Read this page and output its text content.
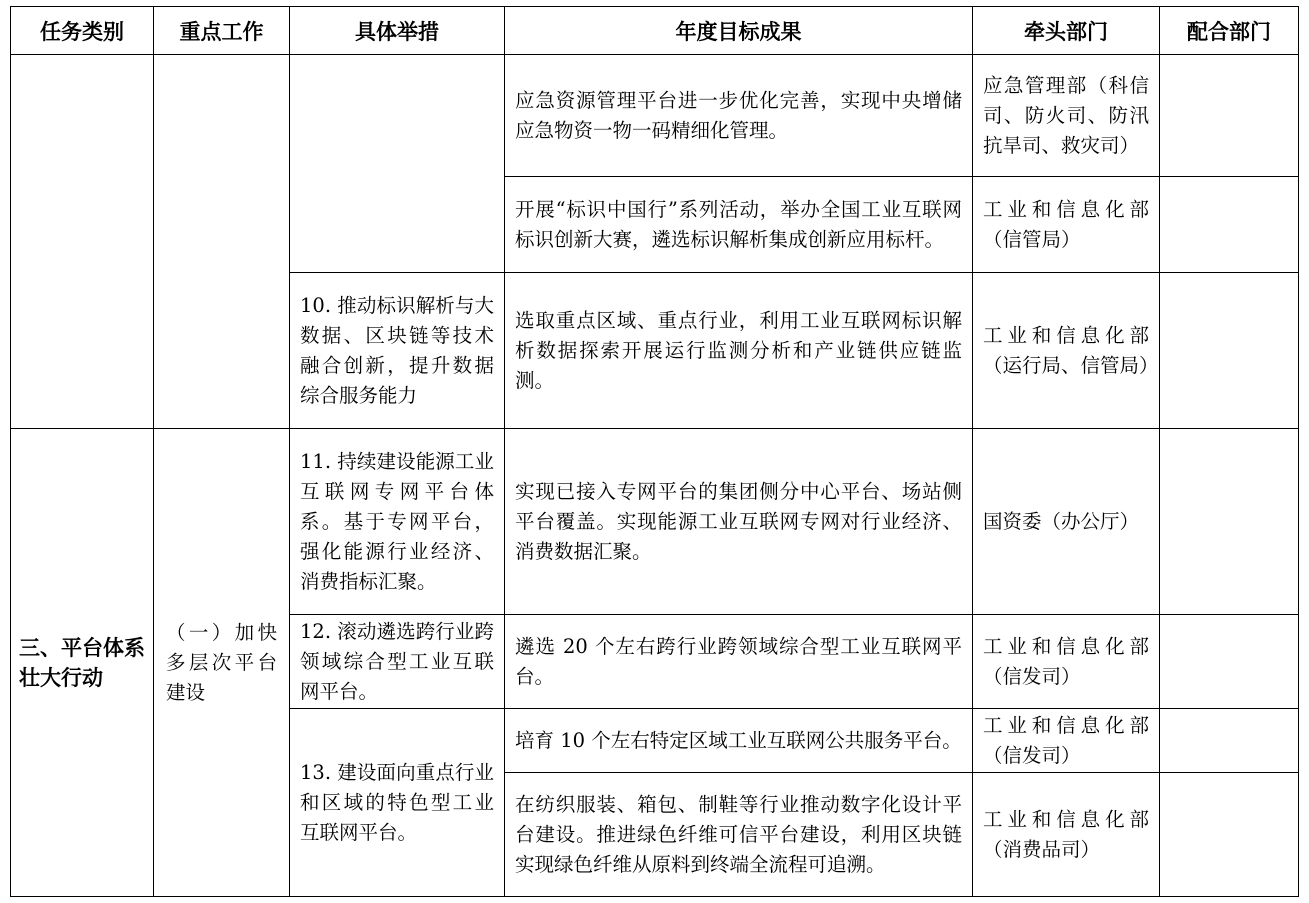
任务类别	重点工作	具体举措	年度目标成果	牵头部门	配合部门
			应急资源管理平台进一步优化完善，实现中央增储应急物资一物一码精细化管理。	应急管理部（科信司、防火司、防汛抗旱司、救灾司）	
			开展“标识中国行”系列活动，举办全国工业互联网标识创新大赛，遴选标识解析集成创新应用标杆。	工业和信息化部（信管局）	
		10. 推动标识解析与大数据、区块链等技术融合创新，提升数据综合服务能力	选取重点区域、重点行业，利用工业互联网标识解析数据探索开展运行监测分析和产业链供应链监测。	工业和信息化部（运行局、信管局）	
三、平台体系壮大行动	（一）加快多层次平台建设	11. 持续建设能源工业互联网专网平台体系。基于专网平台，强化能源行业经济、消费指标汇聚。	实现已接入专网平台的集团侧分中心平台、场站侧平台覆盖。实现能源工业互联网专网对行业经济、消费数据汇聚。	国资委（办公厅）	
		12. 滚动遴选跨行业跨领域综合型工业互联网平台。	遴选 20 个左右跨行业跨领域综合型工业互联网平台。	工业和信息化部（信发司）	
		13. 建设面向重点行业和区域的特色型工业互联网平台。	培育 10 个左右特定区域工业互联网公共服务平台。	工业和信息化部（信发司）	
			在纺织服装、箱包、制鞋等行业推动数字化设计平台建设。推进绿色纤维可信平台建设，利用区块链实现绿色纤维从原料到终端全流程可追溯。	工业和信息化部（消费品司）	
